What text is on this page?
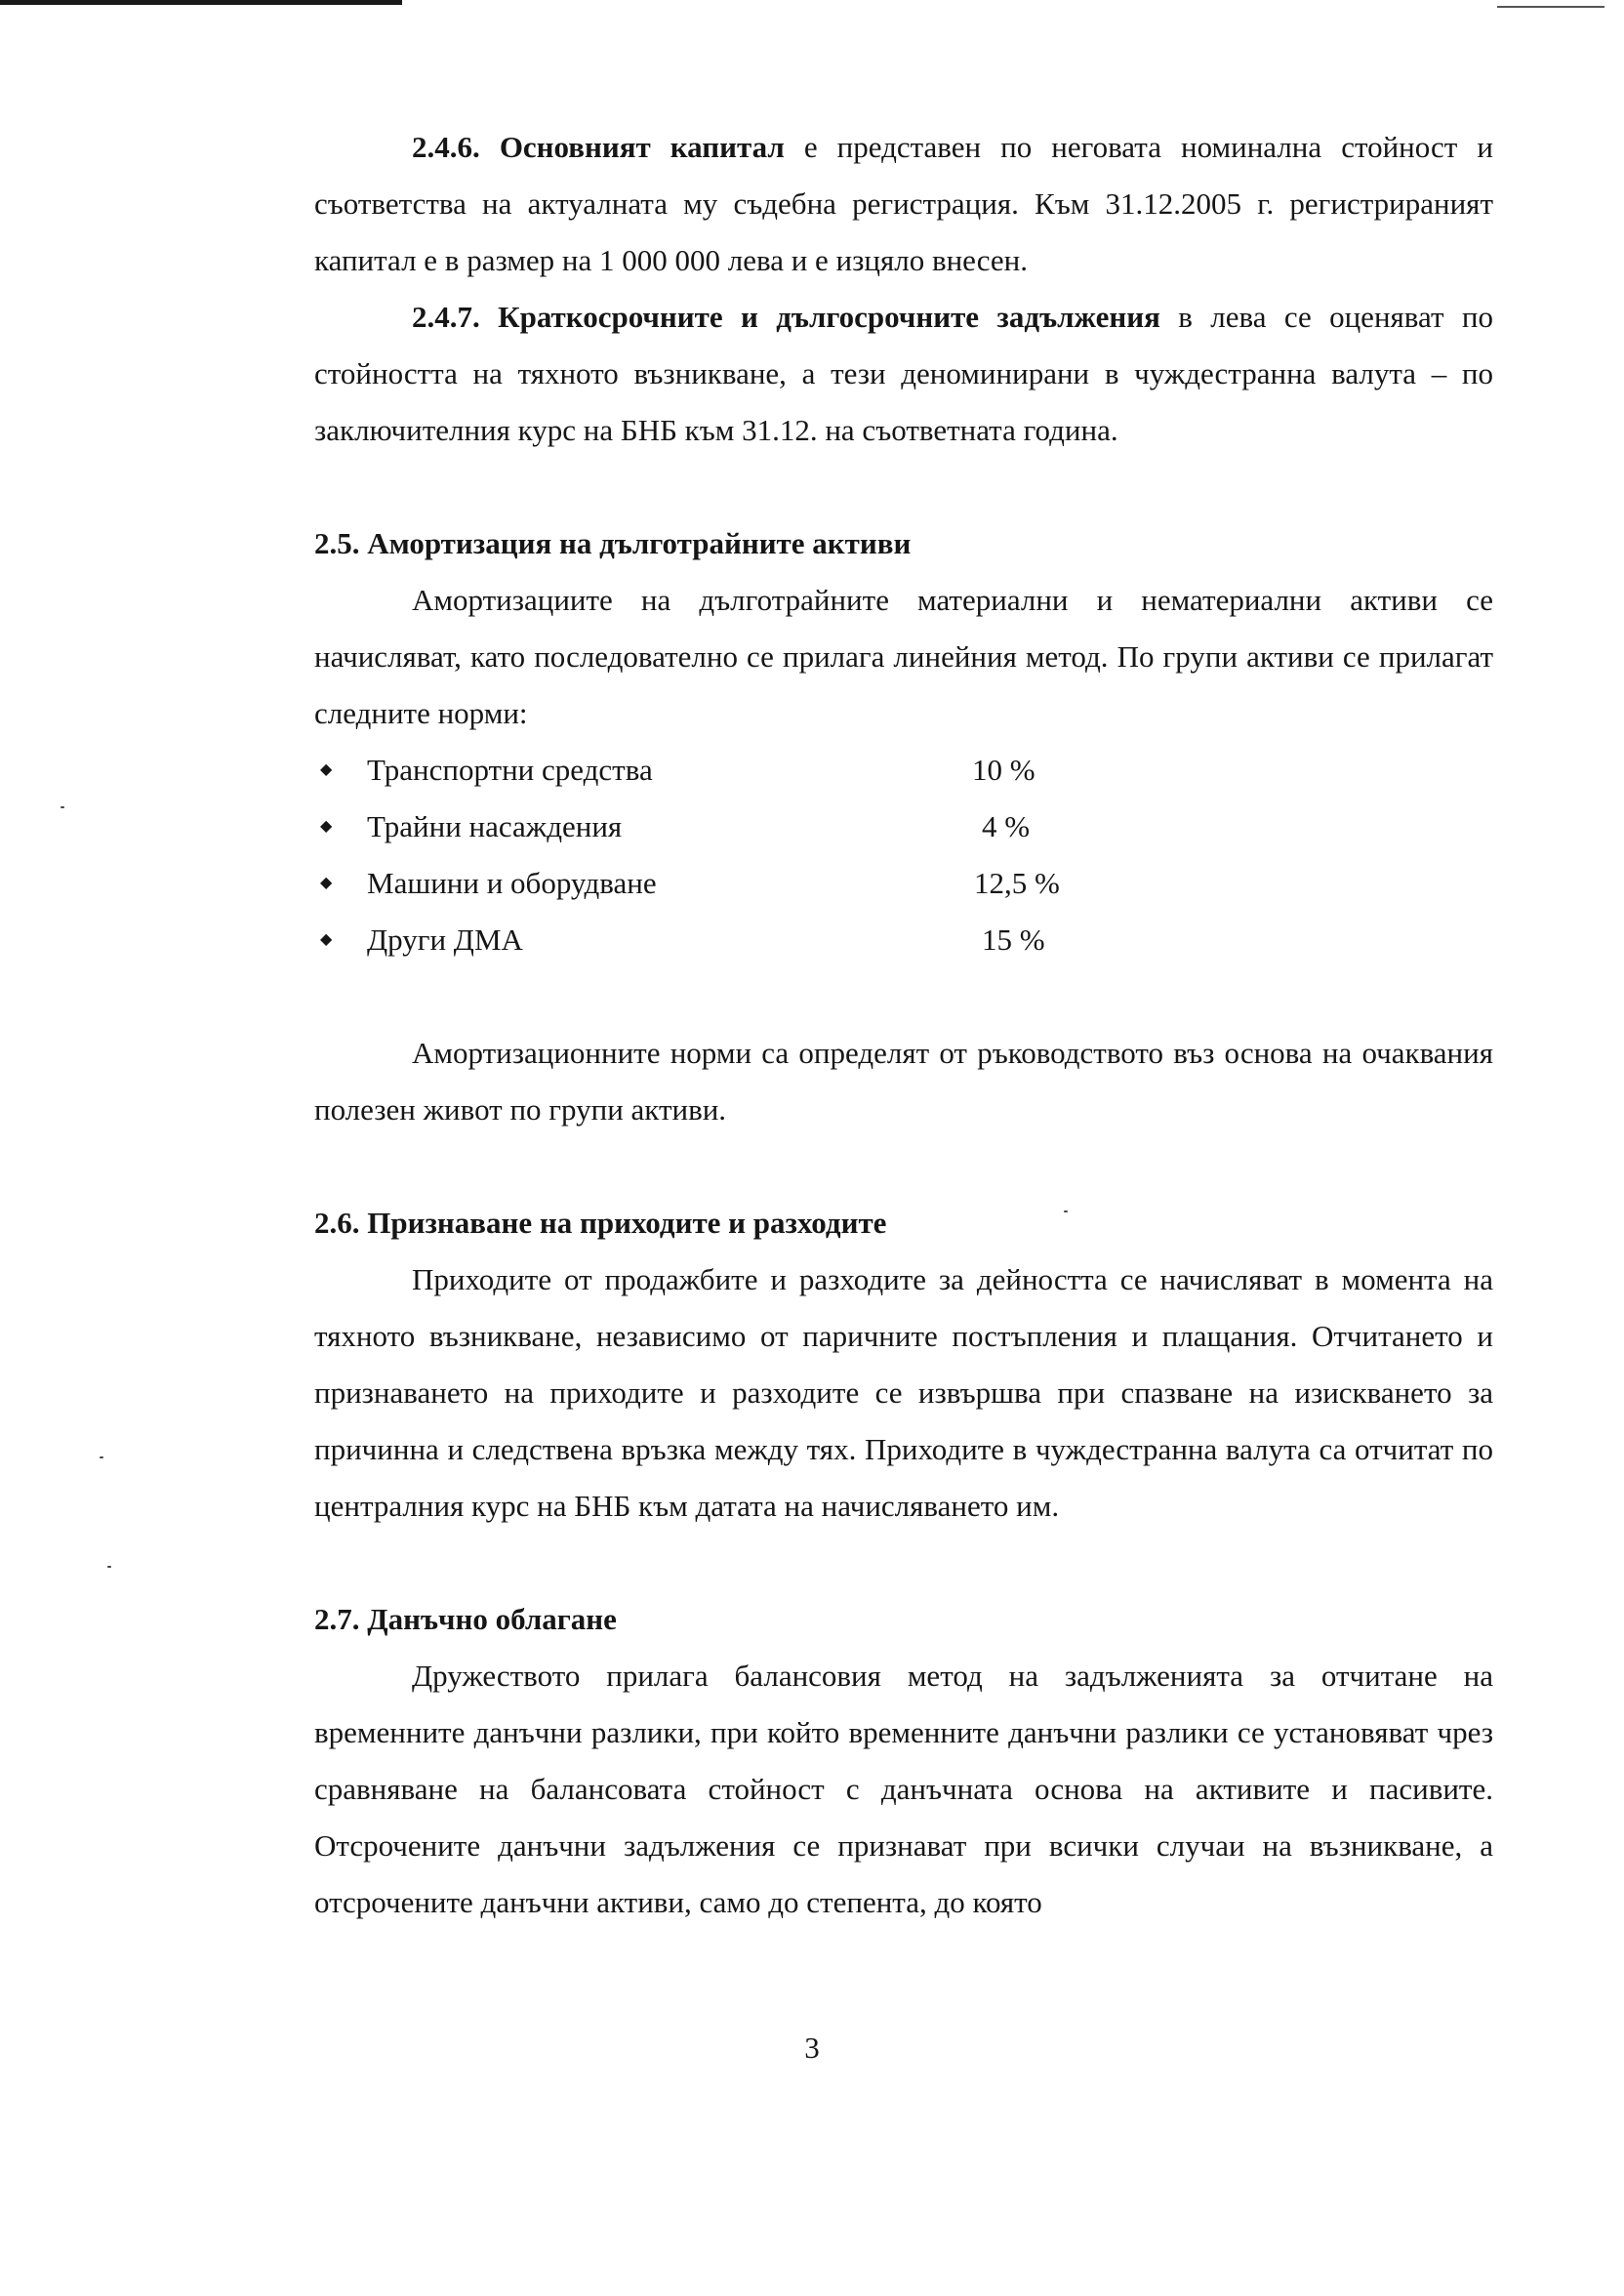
2.4.6. Основният капитал е представен по неговата номинална стойност и съответства на актуалната му съдебна регистрация. Към 31.12.2005 г. регистрираният капитал е в размер на 1 000 000 лева и е изцяло внесен.

2.4.7. Краткосрочните и дългосрочните задължения в лева се оценяват по стойността на тяхното възникване, а тези деноминирани в чуждестранна валута – по заключителния курс на БНБ към 31.12. на съответната година.

2.5. Амортизация на дълготрайните активи

Амортизациите на дълготрайните материални и нематериални активи се начисляват, като последователно се прилага линейния метод. По групи активи се прилагат следните норми:

◆ Транспортни средства	10 %
◆ Трайни насаждения	4 %
◆ Машини и оборудване	12,5 %
◆ Други ДМА	15 %

Амортизационните норми са определят от ръководството въз основа на очаквания полезен живот по групи активи.

2.6. Признаване на приходите и разходите

Приходите от продажбите и разходите за дейността се начисляват в момента на тяхното възникване, независимо от паричните постъпления и плащания. Отчитането и признаването на приходите и разходите се извършва при спазване на изискването за причинна и следствена връзка между тях. Приходите в чуждестранна валута са отчитат по централния курс на БНБ към датата на начисляването им.

2.7. Данъчно облагане

Дружеството прилага балансовия метод на задълженията за отчитане на временните данъчни разлики, при който временните данъчни разлики се установяват чрез сравняване на балансовата стойност с данъчната основа на активите и пасивите. Отсрочените данъчни задължения се признават при всички случаи на възникване, а отсрочените данъчни активи, само до степента, до която

3
